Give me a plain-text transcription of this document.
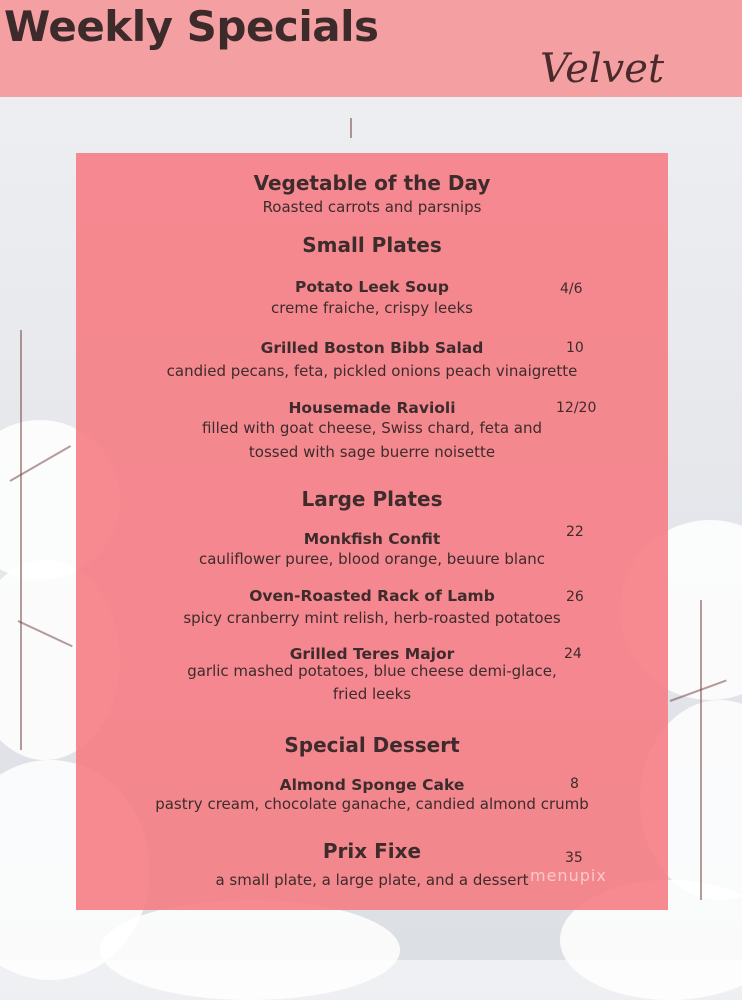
Weekly Specials
Velvet
Vegetable of the Day
Roasted carrots and parsnips
Small Plates
Potato Leek Soup	4/6
creme fraiche, crispy leeks
Grilled Boston Bibb Salad	10
candied pecans, feta, pickled onions peach vinaigrette
Housemade Ravioli	12/20
filled with goat cheese, Swiss chard, feta and
tossed with sage buerre noisette
Large Plates
Monkfish Confit	22
cauliflower puree, blood orange, beuure blanc
Oven-Roasted Rack of Lamb	26
spicy cranberry mint relish, herb-roasted potatoes
Grilled Teres Major	24
garlic mashed potatoes, blue cheese demi-glace,
fried leeks
Special Dessert
Almond Sponge Cake	8
pastry cream, chocolate ganache, candied almond crumb
Prix Fixe	35
a small plate, a large plate, and a dessert menupix
